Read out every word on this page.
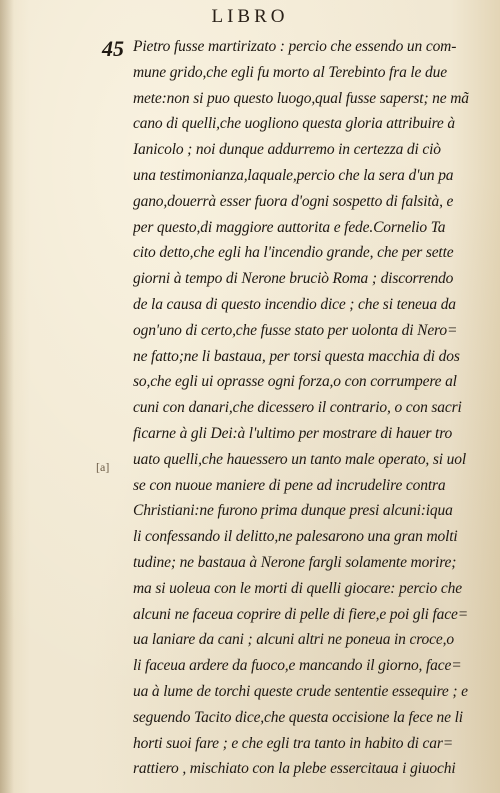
LIBRO
45
[a]
Pietro fusse martirizato : percio che essendo un com-
mune grido,che egli fu morto al Terebinto fra le due
mete:non si puo questo luogo,qual fusse saperst; ne mã
cano di quelli,che uogliono questa gloria attribuire à
Ianicolo ; noi dunque addurremo in certezza di ciò
una testimonianza,laquale,percio che la sera d'un pa
gano,douerrà esser fuora d'ogni sospetto di falsità, e
per questo,di maggiore auttorita e fede.Cornelio Ta
cito detto,che egli ha l'incendio grande, che per sette
giorni à tempo di Nerone bruciò Roma ; discorrendo
de la causa di questo incendio dice ; che si teneua da
ogn'uno di certo,che fusse stato per uolonta di Nero=
ne fatto;ne li bastaua, per torsi questa macchia di dos
so,che egli ui oprasse ogni forza,o con corrumpere al
cuni con danari,che dicessero il contrario, o con sacri
ficarne à gli Dei:à l'ultimo per mostrare di hauer tro
uato quelli,che hauessero un tanto male operato, si uol
se con nuoue maniere di pene ad incrudelire contra
Christiani:ne furono prima dunque presi alcuni:iqua
li confessando il delitto,ne palesarono una gran molti
tudine; ne bastaua à Nerone fargli solamente morire;
ma si uoleua con le morti di quelli giocare: percio che
alcuni ne faceua coprire di pelle di fiere,e poi gli face=
ua laniare da cani ; alcuni altri ne poneua in croce,o
li faceua ardere da fuoco,e mancando il giorno, face=
ua à lume de torchi queste crude sententie essequire ; e
seguendo Tacito dice,che questa occisione la fece ne li
horti suoi fare ; e che egli tra tanto in habito di car=
rattiero , mischiato con la plebe essercitaua i giuochi
